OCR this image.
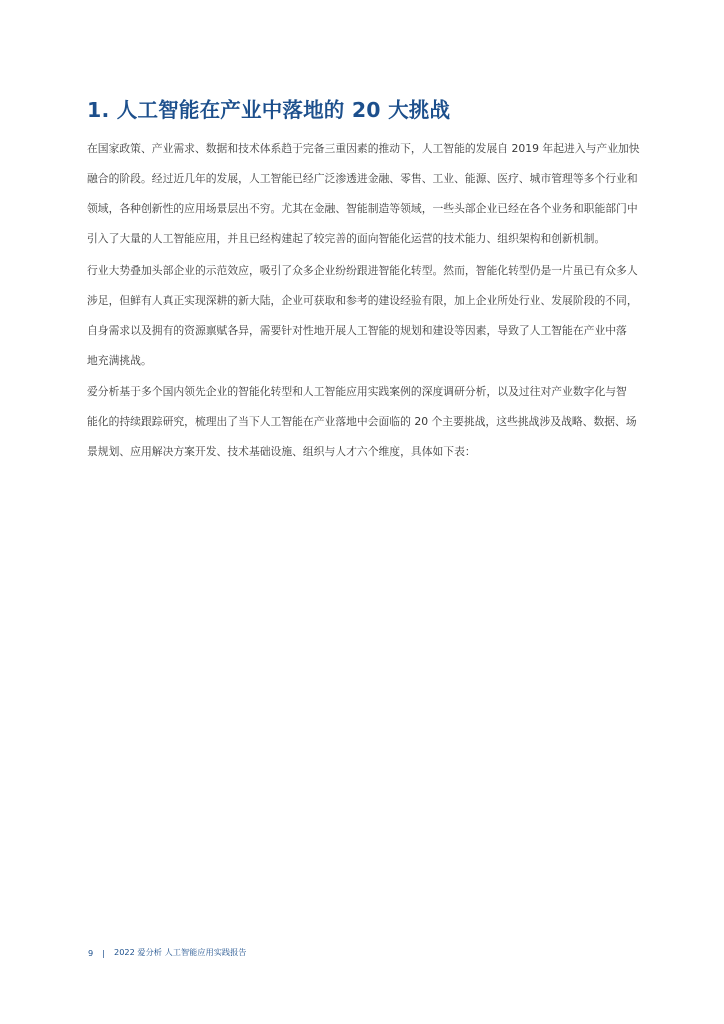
1. 人工智能在产业中落地的 20 大挑战
在国家政策、产业需求、数据和技术体系趋于完备三重因素的推动下，人工智能的发展自 2019 年起进入与产业加快
融合的阶段。经过近几年的发展，人工智能已经广泛渗透进金融、零售、工业、能源、医疗、城市管理等多个行业和
领域，各种创新性的应用场景层出不穷。尤其在金融、智能制造等领域，一些头部企业已经在各个业务和职能部门中
引入了大量的人工智能应用，并且已经构建起了较完善的面向智能化运营的技术能力、组织架构和创新机制。
行业大势叠加头部企业的示范效应，吸引了众多企业纷纷跟进智能化转型。然而，智能化转型仍是一片虽已有众多人
涉足，但鲜有人真正实现深耕的新大陆，企业可获取和参考的建设经验有限，加上企业所处行业、发展阶段的不同，
自身需求以及拥有的资源禀赋各异，需要针对性地开展人工智能的规划和建设等因素，导致了人工智能在产业中落
地充满挑战。
爱分析基于多个国内领先企业的智能化转型和人工智能应用实践案例的深度调研分析，以及过往对产业数字化与智
能化的持续跟踪研究，梳理出了当下人工智能在产业落地中会面临的 20 个主要挑战，这些挑战涉及战略、数据、场
景规划、应用解决方案开发、技术基础设施、组织与人才六个维度，具体如下表：
9 | 2022 爱分析 人工智能应用实践报告
